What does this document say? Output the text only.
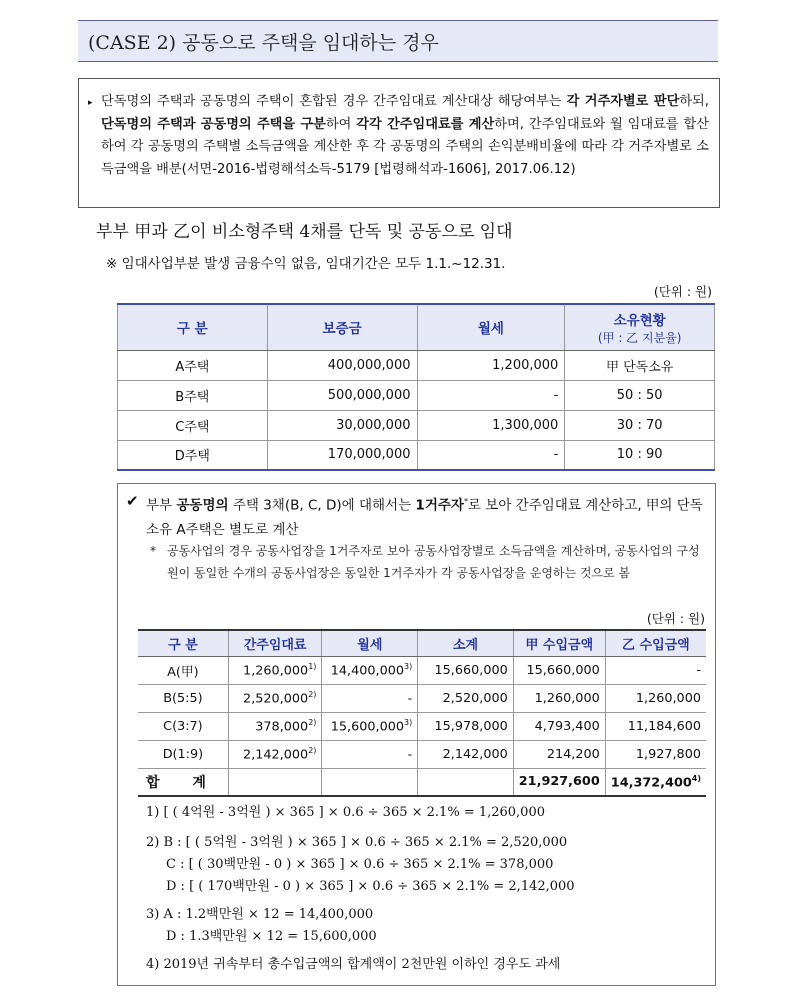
(CASE 2) 공동으로 주택을 임대하는 경우
▸ 단독명의 주택과 공동명의 주택이 혼합된 경우 간주임대료 계산대상 해당여부는 각 거주자별로 판단하되, 단독명의 주택과 공동명의 주택을 구분하여 각각 간주임대료를 계산하며, 간주임대료와 월 임대료를 합산하여 각 공동명의 주택별 소득금액을 계산한 후 각 공동명의 주택의 손익분배비율에 따라 각 거주자별로 소득금액을 배분(서면-2016-법령해석소득-5179 [법령해석과-1606], 2017.06.12)
부부 甲과 乙이 비소형주택 4채를 단독 및 공동으로 임대
※ 임대사업부분 발생 금융수익 없음, 임대기간은 모두 1.1.~12.31.
(단위 : 원)
구 분	보증금	월세	소유현황
(甲 : 乙 지분율)

A주택	400,000,000	1,200,000	甲 단독소유
B주택	500,000,000	-	50 : 50
C주택	30,000,000	1,300,000	30 : 70
D주택	170,000,000	-	10 : 90
✔ 부부 공동명의 주택 3채(B, C, D)에 대해서는 1거주자*로 보아 간주임대료 계산하고, 甲의 단독소유 A주택은 별도로 계산
* 공동사업의 경우 공동사업장을 1거주자로 보아 공동사업장별로 소득금액을 계산하며, 공동사업의 구성원이 동일한 수개의 공동사업장은 동일한 1거주자가 각 공동사업장을 운영하는 것으로 봄
(단위 : 원)
구 분	간주임대료	월세	소계	甲 수입금액	乙 수입금액
A(甲)	1,260,000$^{1)}$	14,400,000$^{3)}$	15,660,000	15,660,000	-
B(5:5)	2,520,000$^{2)}$	-	2,520,000	1,260,000	1,260,000
C(3:7)	378,000$^{2)}$	15,600,000$^{3)}$	15,978,000	4,793,400	11,184,600
D(1:9)	2,142,000$^{2)}$	-	2,142,000	214,200	1,927,800
합 계				21,927,600	14,372,400$^{4)}$
1) [ ( 4억원 - 3억원 ) × 365 ] × 0.6 ÷ 365 × 2.1% = 1,260,000
2) B : [ ( 5억원 - 3억원 ) × 365 ] × 0.6 ÷ 365 × 2.1% = 2,520,000
C : [ ( 30백만원 - 0 ) × 365 ] × 0.6 ÷ 365 × 2.1% = 378,000
D : [ ( 170백만원 - 0 ) × 365 ] × 0.6 ÷ 365 × 2.1% = 2,142,000
3) A : 1.2백만원 × 12 = 14,400,000
D : 1.3백만원 × 12 = 15,600,000
4) 2019년 귀속부터 총수입금액의 합계액이 2천만원 이하인 경우도 과세
